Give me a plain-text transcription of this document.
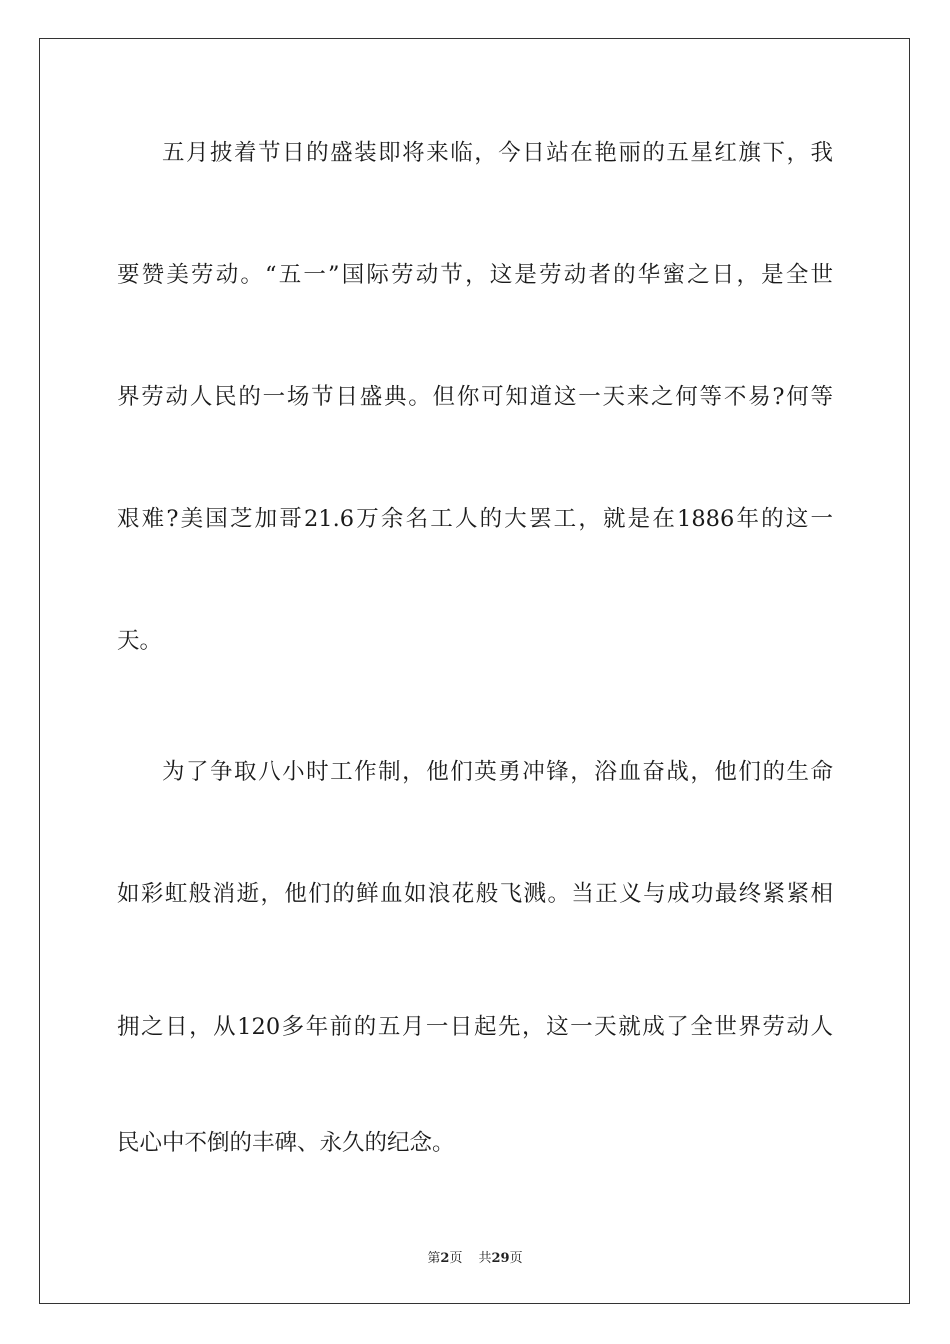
五月披着节日的盛装即将来临，今日站在艳丽的五星红旗下，我
要赞美劳动。“五一”国际劳动节，这是劳动者的华蜜之日，是全世
界劳动人民的一场节日盛典。但你可知道这一天来之何等不易?何等
艰难?美国芝加哥21.6万余名工人的大罢工，就是在1886年的这一
天。
为了争取八小时工作制，他们英勇冲锋，浴血奋战，他们的生命
如彩虹般消逝，他们的鲜血如浪花般飞溅。当正义与成功最终紧紧相
拥之日，从120多年前的五月一日起先，这一天就成了全世界劳动人
民心中不倒的丰碑、永久的纪念。
第2页 共29页
